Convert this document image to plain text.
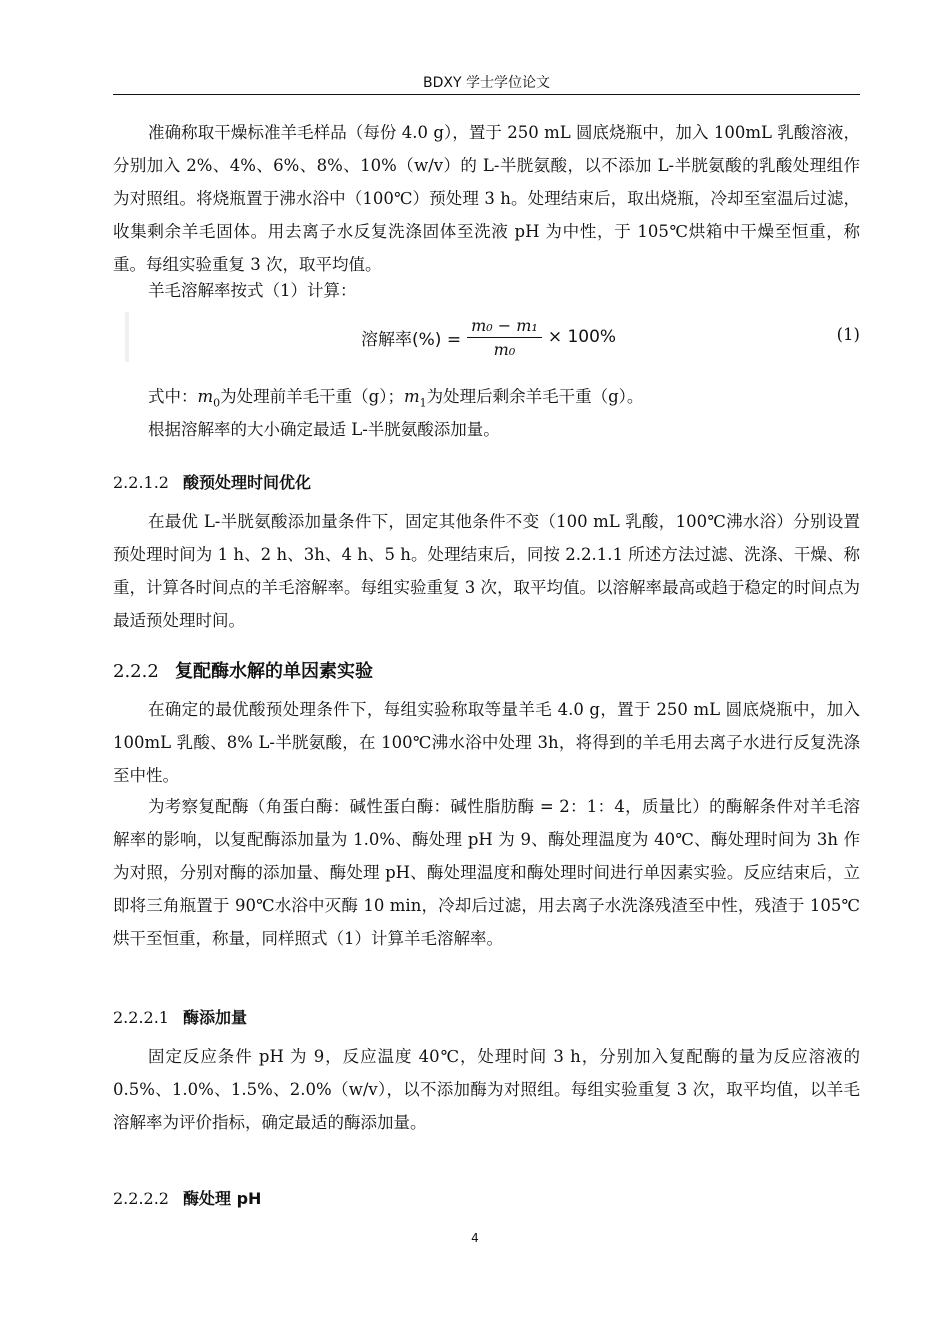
BDXY 学士学位论文

准确称取干燥标准羊毛样品（每份 4.0 g），置于 250 mL 圆底烧瓶中，加入 100mL 乳酸溶液，分别加入 2%、4%、6%、8%、10%（w/v）的 L-半胱氨酸，以不添加 L-半胱氨酸的乳酸处理组作为对照组。将烧瓶置于沸水浴中（100℃）预处理 3 h。处理结束后，取出烧瓶，冷却至室温后过滤，收集剩余羊毛固体。用去离子水反复洗涤固体至洗液 pH 为中性，于 105℃烘箱中干燥至恒重，称重。每组实验重复 3 次，取平均值。

羊毛溶解率按式（1）计算：

溶解率(%) = $\frac{\text{m₀ − m₁}}{\text{m₀}} \times 100\%$	(1)

式中：$m_0$为处理前羊毛干重（g）；$m_1$为处理后剩余羊毛干重（g）。

根据溶解率的大小确定最适 L-半胱氨酸添加量。

2.2.1.2 酸预处理时间优化

在最优 L-半胱氨酸添加量条件下，固定其他条件不变（100 mL 乳酸，100℃沸水浴）分别设置预处理时间为 1 h、2 h、3h、4 h、5 h。处理结束后，同按 2.2.1.1 所述方法过滤、洗涤、干燥、称重，计算各时间点的羊毛溶解率。每组实验重复 3 次，取平均值。以溶解率最高或趋于稳定的时间点为最适预处理时间。

2.2.2 复配酶水解的单因素实验

在确定的最优酸预处理条件下，每组实验称取等量羊毛 4.0 g，置于 250 mL 圆底烧瓶中，加入 100mL 乳酸、8% L-半胱氨酸，在 100℃沸水浴中处理 3h，将得到的羊毛用去离子水进行反复洗涤至中性。

为考察复配酶（角蛋白酶：碱性蛋白酶：碱性脂肪酶 = 2：1：4，质量比）的酶解条件对羊毛溶解率的影响，以复配酶添加量为 1.0%、酶处理 pH 为 9、酶处理温度为 40℃、酶处理时间为 3h 作为对照，分别对酶的添加量、酶处理 pH、酶处理温度和酶处理时间进行单因素实验。反应结束后，立即将三角瓶置于 90℃水浴中灭酶 10 min，冷却后过滤，用去离子水洗涤残渣至中性，残渣于 105℃烘干至恒重，称量，同样照式（1）计算羊毛溶解率。

2.2.2.1 酶添加量

固定反应条件 pH 为 9，反应温度 40℃，处理时间 3 h，分别加入复配酶的量为反应溶液的 0.5%、1.0%、1.5%、2.0%（w/v），以不添加酶为对照组。每组实验重复 3 次，取平均值，以羊毛溶解率为评价指标，确定最适的酶添加量。

2.2.2.2 酶处理 pH
4
